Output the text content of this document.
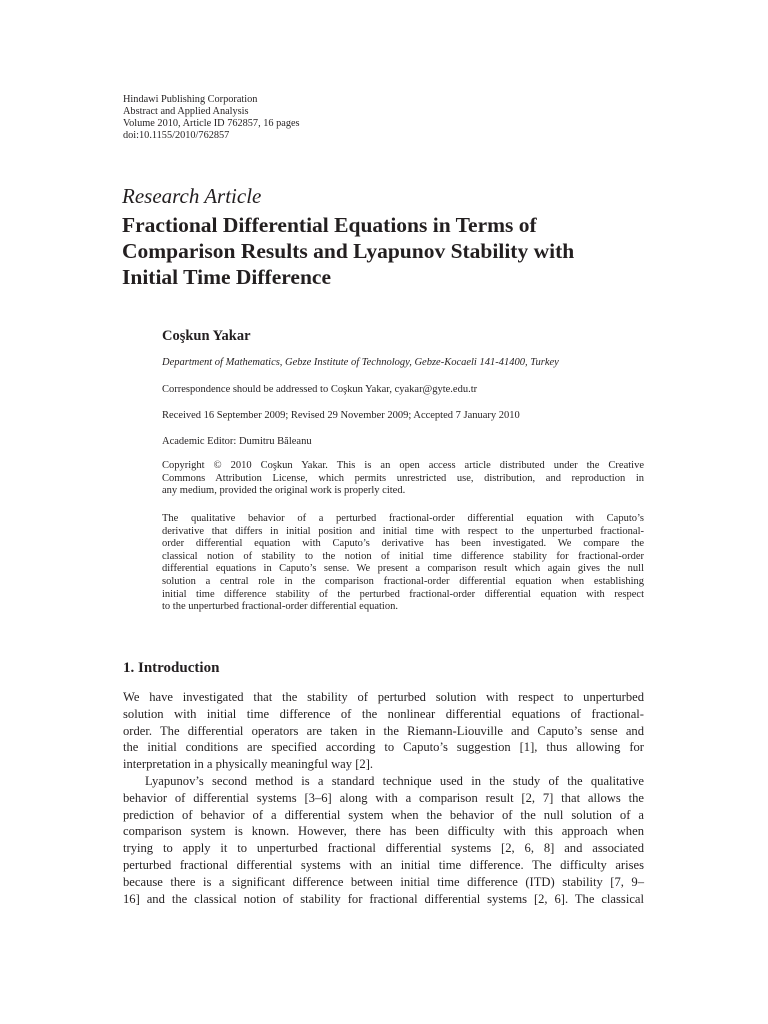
Hindawi Publishing Corporation
Abstract and Applied Analysis
Volume 2010, Article ID 762857, 16 pages
doi:10.1155/2010/762857
Research Article
Fractional Differential Equations in Terms of
Comparison Results and Lyapunov Stability with
Initial Time Difference
Coşkun Yakar
Department of Mathematics, Gebze Institute of Technology, Gebze-Kocaeli 141-41400, Turkey
Correspondence should be addressed to Coşkun Yakar, cyakar@gyte.edu.tr
Received 16 September 2009; Revised 29 November 2009; Accepted 7 January 2010
Academic Editor: Dumitru Băleanu
Copyright © 2010 Coşkun Yakar. This is an open access article distributed under the Creative
Commons Attribution License, which permits unrestricted use, distribution, and reproduction in
any medium, provided the original work is properly cited.
The qualitative behavior of a perturbed fractional-order differential equation with Caputo’s
derivative that differs in initial position and initial time with respect to the unperturbed fractional-
order differential equation with Caputo’s derivative has been investigated. We compare the
classical notion of stability to the notion of initial time difference stability for fractional-order
differential equations in Caputo’s sense. We present a comparison result which again gives the null
solution a central role in the comparison fractional-order differential equation when establishing
initial time difference stability of the perturbed fractional-order differential equation with respect
to the unperturbed fractional-order differential equation.
1. Introduction
We have investigated that the stability of perturbed solution with respect to unperturbed
solution with initial time difference of the nonlinear differential equations of fractional-
order. The differential operators are taken in the Riemann-Liouville and Caputo’s sense and
the initial conditions are specified according to Caputo’s suggestion [1], thus allowing for
interpretation in a physically meaningful way [2].
Lyapunov’s second method is a standard technique used in the study of the qualitative
behavior of differential systems [3–6] along with a comparison result [2, 7] that allows the
prediction of behavior of a differential system when the behavior of the null solution of a
comparison system is known. However, there has been difficulty with this approach when
trying to apply it to unperturbed fractional differential systems [2, 6, 8] and associated
perturbed fractional differential systems with an initial time difference. The difficulty arises
because there is a significant difference between initial time difference (ITD) stability [7, 9–
16] and the classical notion of stability for fractional differential systems [2, 6]. The classical
